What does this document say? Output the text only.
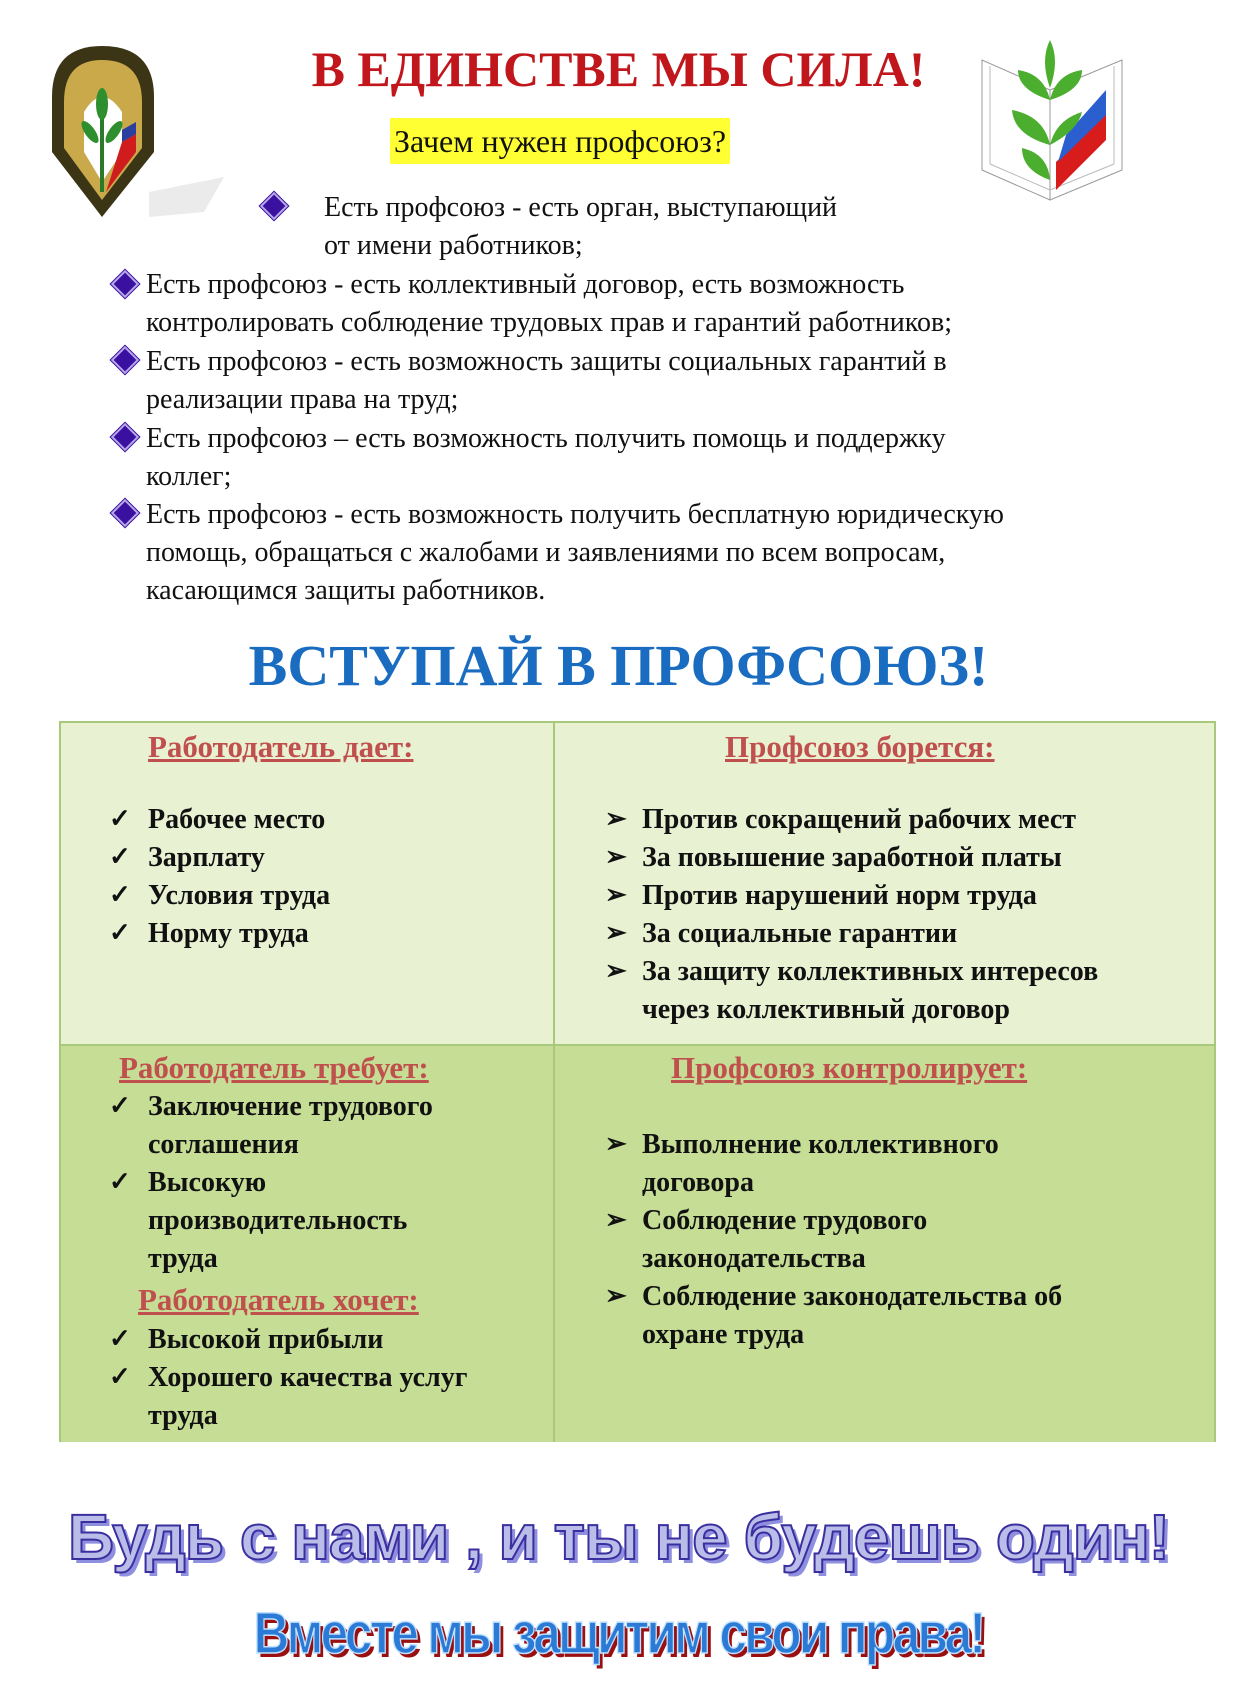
В ЕДИНСТВЕ МЫ СИЛА!
Зачем нужен профсоюз?
Есть профсоюз - есть орган, выступающий
от имени работников;
Есть профсоюз - есть коллективный договор, есть возможность
контролировать соблюдение трудовых прав и гарантий работников;
Есть профсоюз - есть возможность защиты социальных гарантий в
реализации права на труд;
Есть профсоюз – есть возможность получить помощь и поддержку
коллег;
Есть профсоюз - есть возможность получить бесплатную юридическую
помощь, обращаться с жалобами и заявлениями по всем вопросам,
касающимся защиты работников.
ВСТУПАЙ В ПРОФСОЮЗ!
Работодатель дает:
✓ Рабочее место
✓ Зарплату
✓ Условия труда
✓ Норму труда
Профсоюз борется:
➢ Против сокращений рабочих мест
➢ За повышение заработной платы
➢ Против нарушений норм труда
➢ За социальные гарантии
➢ За защиту коллективных интересов
через коллективный договор
Работодатель требует:
✓ Заключение трудового
соглашения
✓ Высокую
производительность
труда
Работодатель хочет:
✓ Высокой прибыли
✓ Хорошего качества услуг
труда
Профсоюз контролирует:
➢ Выполнение коллективного
договора
➢ Соблюдение трудового
законодательства
➢ Соблюдение законодательства об
охране труда
Будь с нами , и ты не будешь один!
Вместе мы защитим свои права!
